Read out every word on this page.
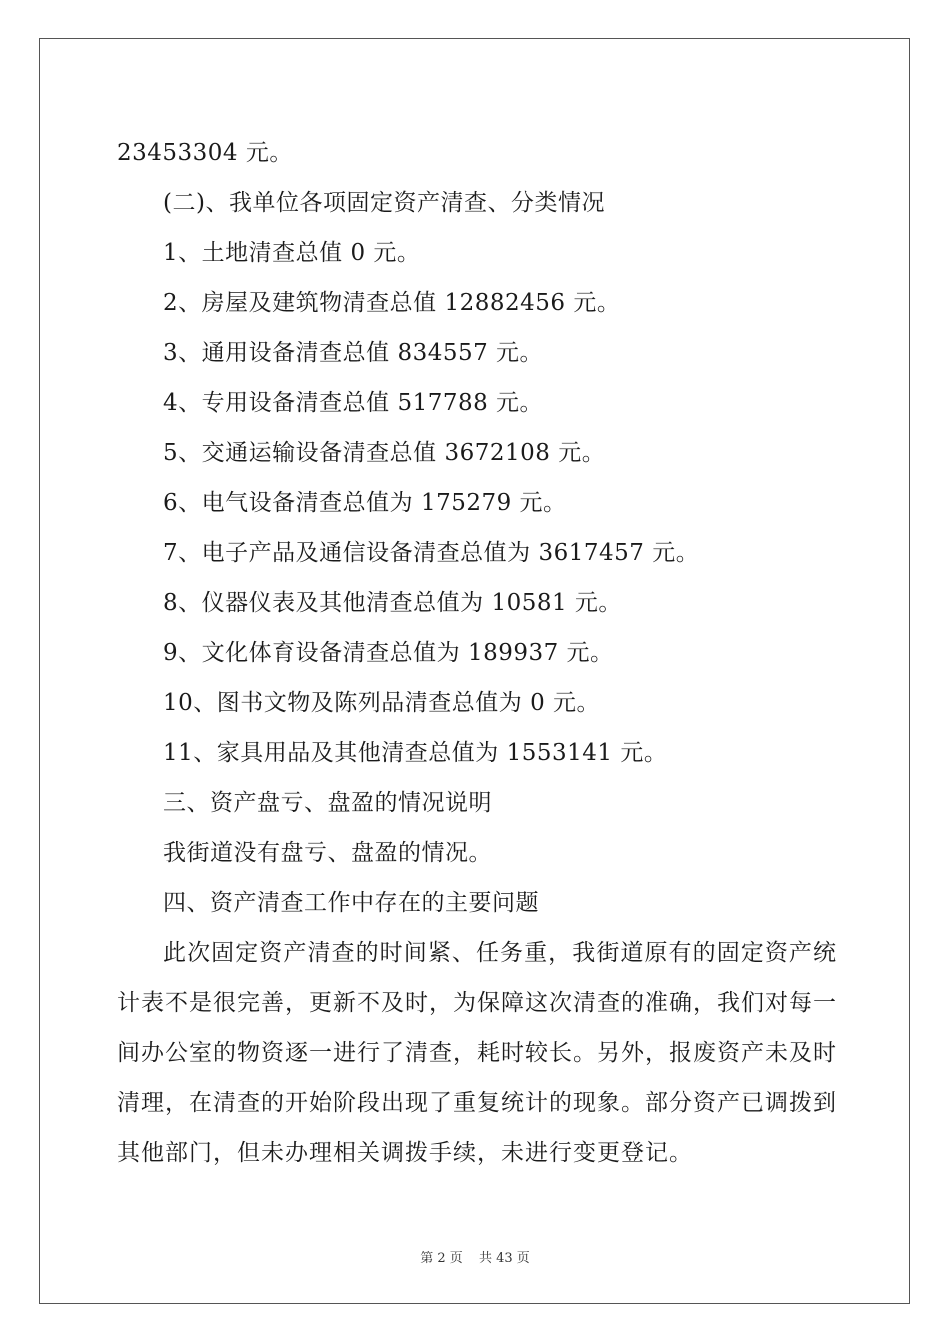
23453304 元。
(二)、我单位各项固定资产清查、分类情况
1、土地清查总值 0 元。
2、房屋及建筑物清查总值 12882456 元。
3、通用设备清查总值 834557 元。
4、专用设备清查总值 517788 元。
5、交通运输设备清查总值 3672108 元。
6、电气设备清查总值为 175279 元。
7、电子产品及通信设备清查总值为 3617457 元。
8、仪器仪表及其他清查总值为 10581 元。
9、文化体育设备清查总值为 189937 元。
10、图书文物及陈列品清查总值为 0 元。
11、家具用品及其他清查总值为 1553141 元。
三、资产盘亏、盘盈的情况说明
我街道没有盘亏、盘盈的情况。
四、资产清查工作中存在的主要问题

此次固定资产清查的时间紧、任务重，我街道原有的固定资产统计表不是很完善，更新不及时，为保障这次清查的准确，我们对每一间办公室的物资逐一进行了清查，耗时较长。另外，报废资产未及时清理，在清查的开始阶段出现了重复统计的现象。部分资产已调拨到其他部门，但未办理相关调拨手续，未进行变更登记。

第 2 页 共 43 页
